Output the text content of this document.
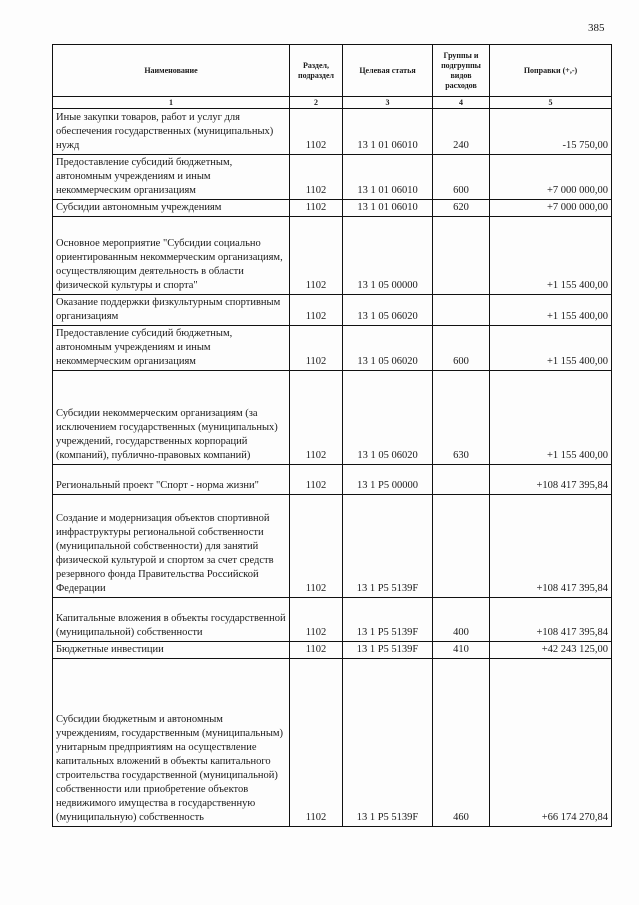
385
Наименование	Раздел, подраздел	Целевая статья	Группы и подгруппы видов расходов	Поправки (+,-)
1	2	3	4	5
Иные закупки товаров, работ и услуг для обеспечения государственных (муниципальных) нужд	1102	13 1 01 06010	240	-15 750,00
Предоставление субсидий бюджетным, автономным учреждениям и иным некоммерческим организациям	1102	13 1 01 06010	600	+7 000 000,00
Субсидии автономным учреждениям	1102	13 1 01 06010	620	+7 000 000,00
Основное мероприятие "Субсидии социально ориентированным некоммерческим организациям, осуществляющим деятельность в области физической культуры и спорта"	1102	13 1 05 00000		+1 155 400,00
Оказание поддержки физкультурным спортивным организациям	1102	13 1 05 06020		+1 155 400,00
Предоставление субсидий бюджетным, автономным учреждениям и иным некоммерческим организациям	1102	13 1 05 06020	600	+1 155 400,00
Субсидии некоммерческим организациям (за исключением государственных (муниципальных) учреждений, государственных корпораций (компаний), публично-правовых компаний)	1102	13 1 05 06020	630	+1 155 400,00
Региональный проект "Спорт - норма жизни"	1102	13 1 P5 00000		+108 417 395,84
Создание и модернизация объектов спортивной инфраструктуры региональной собственности (муниципальной собственности) для занятий физической культурой и спортом за счет средств резервного фонда Правительства Российской Федерации	1102	13 1 P5 5139F		+108 417 395,84
Капитальные вложения в объекты государственной (муниципальной) собственности	1102	13 1 P5 5139F	400	+108 417 395,84
Бюджетные инвестиции	1102	13 1 P5 5139F	410	+42 243 125,00
Субсидии бюджетным и автономным учреждениям, государственным (муниципальным) унитарным предприятиям на осуществление капитальных вложений в объекты капитального строительства государственной (муниципальной) собственности или приобретение объектов недвижимого имущества в государственную (муниципальную) собственность	1102	13 1 P5 5139F	460	+66 174 270,84
